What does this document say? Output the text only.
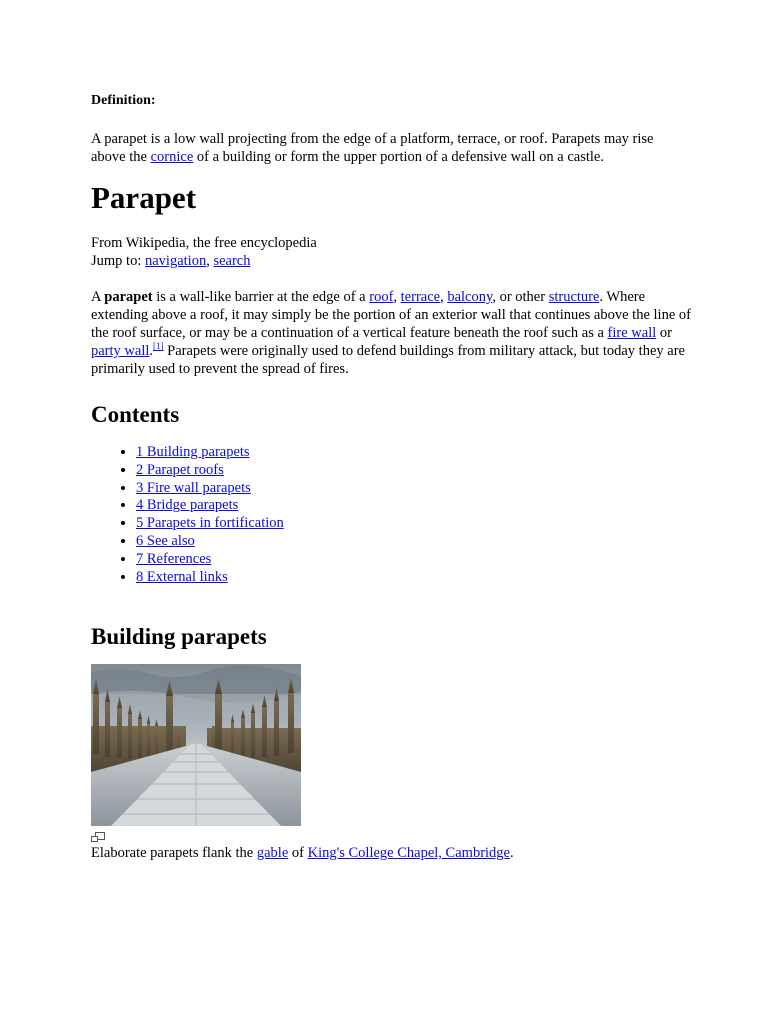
Definition:

A parapet is a low wall projecting from the edge of a platform, terrace, or roof. Parapets may rise above the cornice of a building or form the upper portion of a defensive wall on a castle.

Parapet

From Wikipedia, the free encyclopedia

Jump to: navigation, search

A parapet is a wall-like barrier at the edge of a roof, terrace, balcony, or other structure. Where extending above a roof, it may simply be the portion of an exterior wall that continues above the line of the roof surface, or may be a continuation of a vertical feature beneath the roof such as a fire wall or party wall.[1] Parapets were originally used to defend buildings from military attack, but today they are primarily used to prevent the spread of fires.

Contents
• 1 Building parapets
• 2 Parapet roofs
• 3 Fire wall parapets
• 4 Bridge parapets
• 5 Parapets in fortification
• 6 See also
• 7 References
• 8 External links
Building parapets

Elaborate parapets flank the gable of King's College Chapel, Cambridge.
